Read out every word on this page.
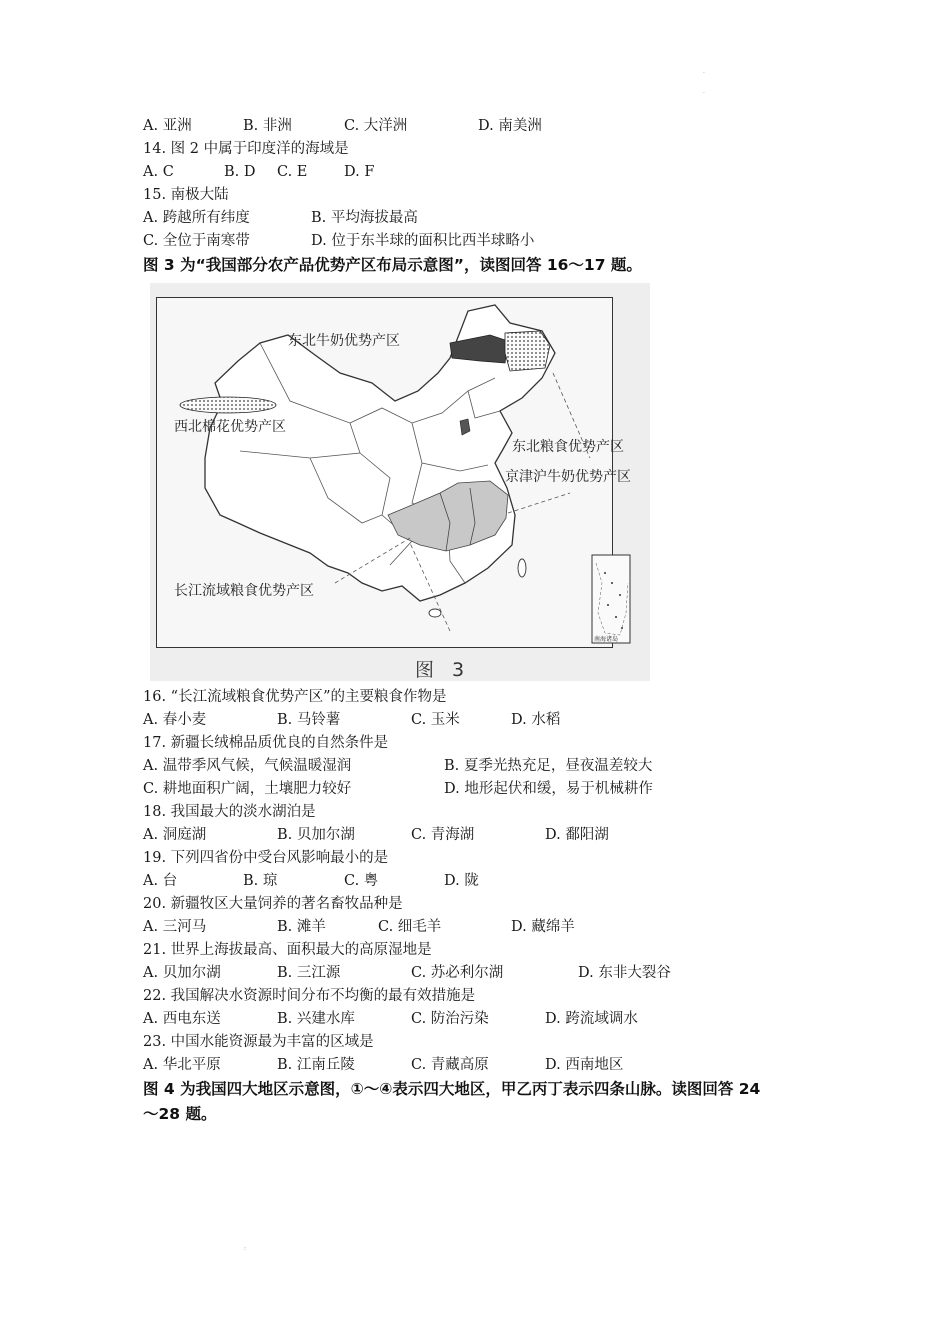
A. 亚洲	B. 非洲	C. 大洋洲	D. 南美洲
14. 图 2 中属于印度洋的海域是
A. C	B. D C. E	D. F
15. 南极大陆
A. 跨越所有纬度	B. 平均海拔最高
C. 全位于南寒带	D. 位于东半球的面积比西半球略小
图 3 为“我国部分农产品优势产区布局示意图”，读图回答 16～17 题。
南海诸岛
东北牛奶优势产区
西北棉花优势产区
东北粮食优势产区
京津沪牛奶优势产区
长江流域粮食优势产区
图 3
16. “长江流域粮食优势产区”的主要粮食作物是
A. 春小麦	B. 马铃薯	C. 玉米	D. 水稻
17. 新疆长绒棉品质优良的自然条件是
A. 温带季风气候，气候温暖湿润	B. 夏季光热充足，昼夜温差较大
C. 耕地面积广阔，土壤肥力较好	D. 地形起伏和缓，易于机械耕作
18. 我国最大的淡水湖泊是
A. 洞庭湖	B. 贝加尔湖	C. 青海湖	D. 鄱阳湖
19. 下列四省份中受台风影响最小的是
A. 台	B. 琼	C. 粤	D. 陇
20. 新疆牧区大量饲养的著名畜牧品种是
A. 三河马	B. 滩羊	C. 细毛羊	D. 藏绵羊
21. 世界上海拔最高、面积最大的高原湿地是
A. 贝加尔湖	B. 三江源	C. 苏必利尔湖	D. 东非大裂谷
22. 我国解决水资源时间分布不均衡的最有效措施是
A. 西电东送	B. 兴建水库	C. 防治污染	D. 跨流域调水
23. 中国水能资源最为丰富的区域是
A. 华北平原	B. 江南丘陵	C. 青藏高原	D. 西南地区
图 4 为我国四大地区示意图，①～④表示四大地区，甲乙丙丁表示四条山脉。读图回答 24
～28 题。
·
·
:
